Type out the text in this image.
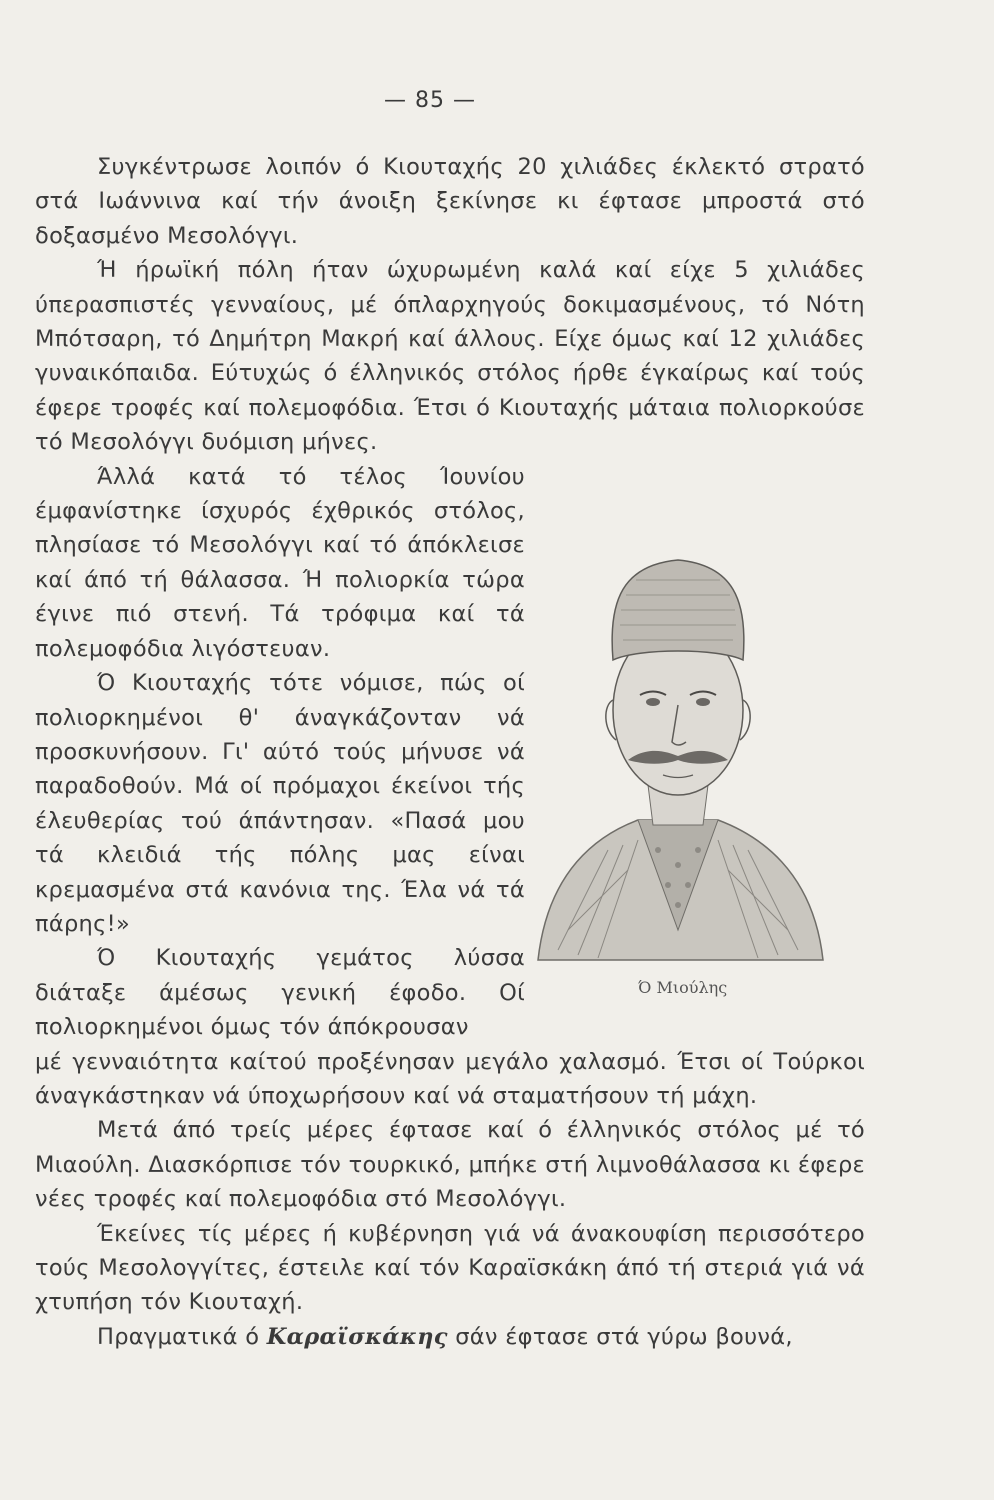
— 85 —

Συγκέντρωσε λοιπόν ό Κιουταχής 20 χιλιάδες έκλεκτό στρατό στά Ιωάννινα καί τήν άνοιξη ξεκίνησε κι έφτασε μπροστά στό δοξασμένο Μεσολόγγι.

Ή ήρωϊκή πόλη ήταν ώχυρωμένη καλά καί είχε 5 χιλιάδες ύπερασπιστές γενναίους, μέ όπλαρχηγούς δοκιμασμένους, τό Νότη Μπότσαρη, τό Δημήτρη Μακρή καί άλλους. Είχε όμως καί 12 χιλιάδες γυναικόπαιδα. Εύτυχώς ό έλληνικός στόλος ήρθε έγκαίρως καί τούς έφερε τροφές καί πολεμοφόδια. Έτσι ό Κιουταχής μάταια πολιορκούσε τό Μεσολόγγι δυόμιση μήνες.

Άλλά κατά τό τέλος Ίουνίου έμφανίστηκε ίσχυρός έχθρικός στόλος, πλησίασε τό Μεσολόγγι καί τό άπόκλεισε καί άπό τή θάλασσα. Ή πολιορκία τώρα έγινε πιό στενή. Τά τρόφιμα καί τά πολεμοφόδια λιγόστευαν.

Ό Κιουταχής τότε νόμισε, πώς οί πολιορκημένοι θ' άναγκάζονταν νά προσκυνήσουν. Γι' αύτό τούς μήνυσε νά παραδοθούν. Μά οί πρόμαχοι έκείνοι τής έλευθερίας τού άπάντησαν. «Πασά μου τά κλειδιά τής πόλης μας είναι κρεμασμένα στά κανόνια της. Έλα νά τά πάρης!»

Ό Κιουταχής γεμάτος λύσσα διάταξε άμέσως γενική έφοδο. Οί πολιορκημένοι όμως τόν άπόκρουσαν

μέ γενναιότητα καίτού προξένησαν μεγάλο χαλασμό. Έτσι οί Τούρκοι άναγκάστηκαν νά ύποχωρήσουν καί νά σταματήσουν τή μάχη.

Μετά άπό τρείς μέρες έφτασε καί ό έλληνικός στόλος μέ τό Μιαούλη. Διασκόρπισε τόν τουρκικό, μπήκε στή λιμνοθάλασσα κι έφερε νέες τροφές καί πολεμοφόδια στό Μεσολόγγι.

Έκείνες τίς μέρες ή κυβέρνηση γιά νά άνακουφίση περισσότερο τούς Μεσολογγίτες, έστειλε καί τόν Καραϊσκάκη άπό τή στεριά γιά νά χτυπήση τόν Κιουταχή.

Πραγματικά ό Καραϊσκάκης σάν έφτασε στά γύρω βουνά,

Ό Μιούλης
